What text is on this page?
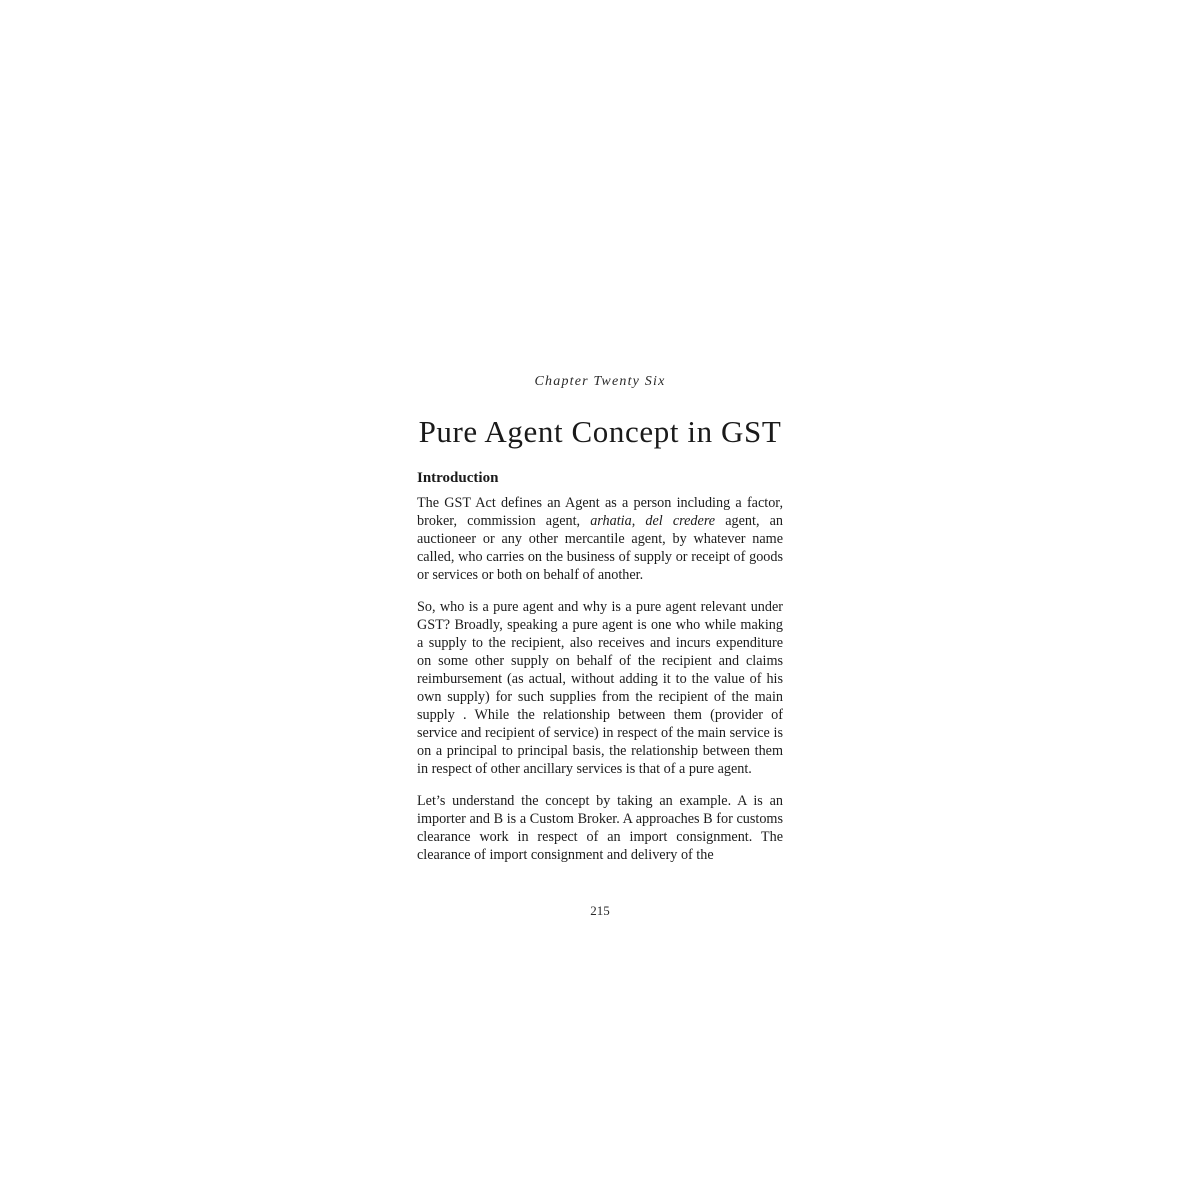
Chapter Twenty Six
Pure Agent Concept in GST
Introduction

The GST Act defines an Agent as a person including a factor, broker, commission agent, arhatia, del credere agent, an auctioneer or any other mercantile agent, by whatever name called, who carries on the business of supply or receipt of goods or services or both on behalf of another.

So, who is a pure agent and why is a pure agent relevant under GST? Broadly, speaking a pure agent is one who while making a supply to the recipient, also receives and incurs expenditure on some other supply on behalf of the recipient and claims reimbursement (as actual, without adding it to the value of his own supply) for such supplies from the recipient of the main supply . While the relationship between them (provider of service and recipient of service) in respect of the main service is on a principal to principal basis, the relationship between them in respect of other ancillary services is that of a pure agent.

Let’s understand the concept by taking an example. A is an importer and B is a Custom Broker. A approaches B for customs clearance work in respect of an import consignment. The clearance of import consignment and delivery of the

215
